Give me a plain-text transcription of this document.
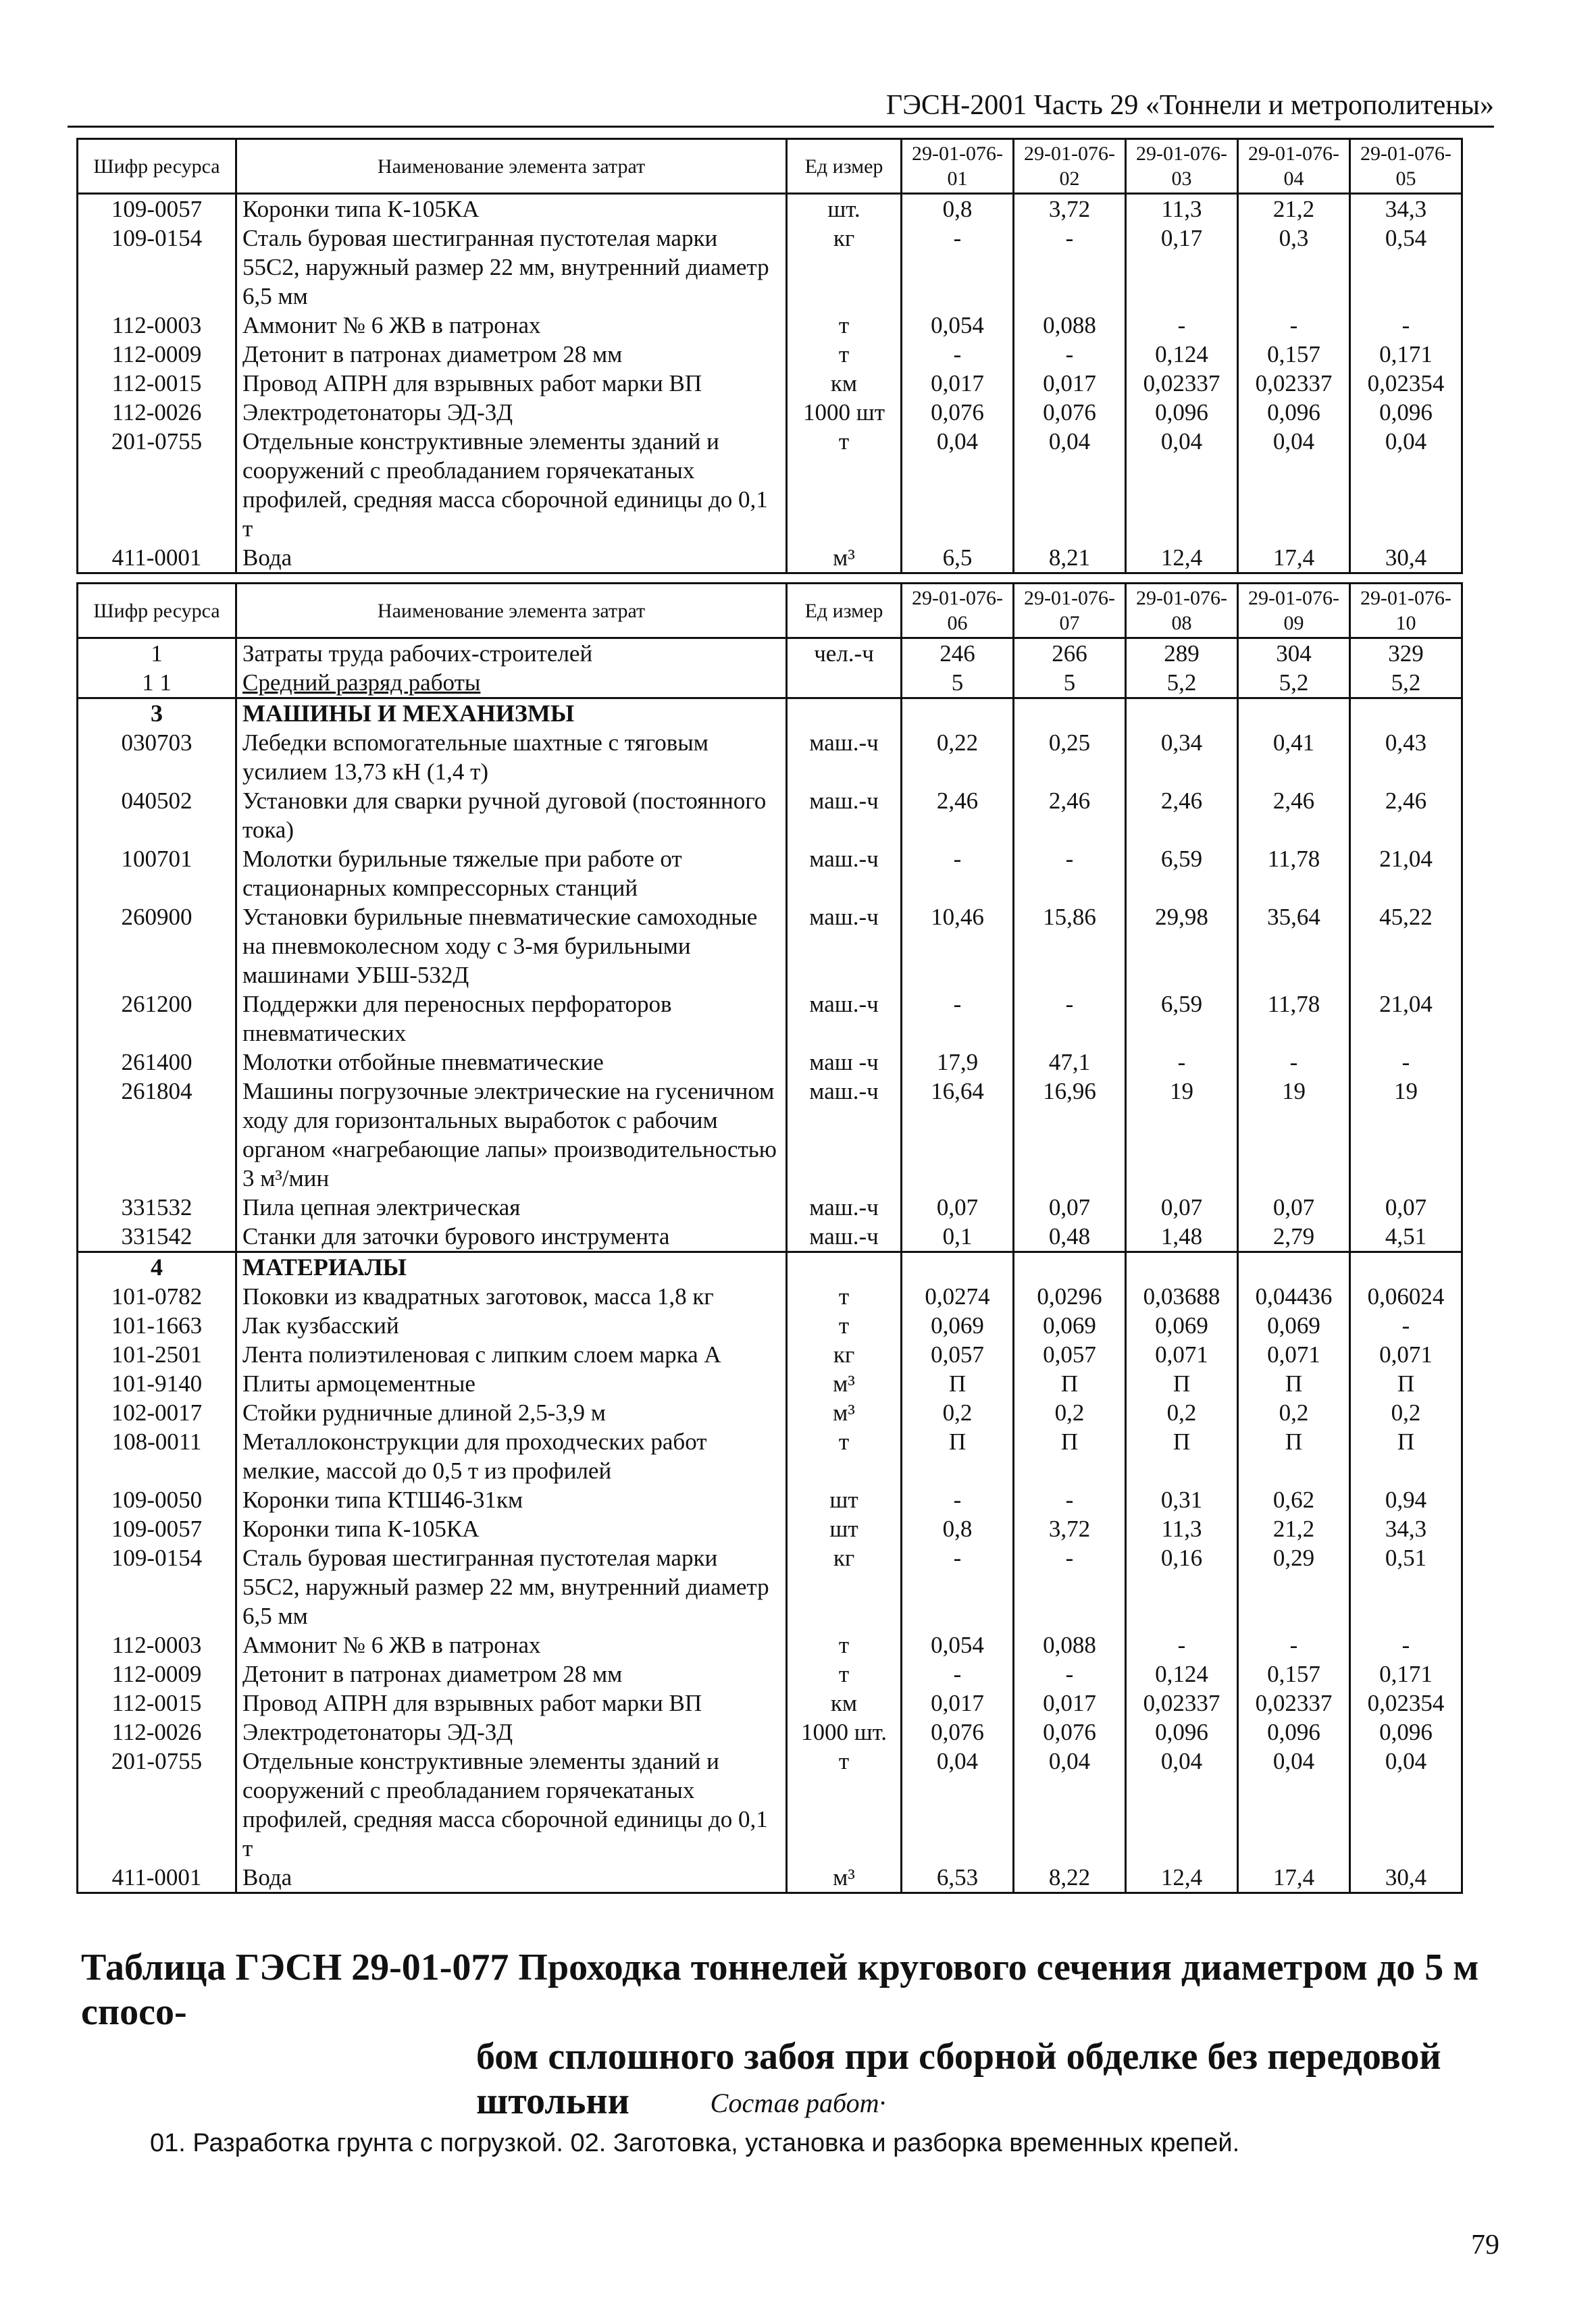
ГЭСН-2001 Часть 29 «Тоннели и метрополитены»
Шифр ресурса	Наименование элемента затрат	Ед измер	29-01-076-01	29-01-076-02	29-01-076-03	29-01-076-04	29-01-076-05
109-0057	Коронки типа К-105КА	шт.	0,8	3,72	11,3	21,2	34,3
109-0154	Сталь буровая шестигранная пустотелая марки 55С2, наружный размер 22 мм, внутренний диаметр 6,5 мм	кг	-	-	0,17	0,3	0,54
112-0003	Аммонит № 6 ЖВ в патронах	т	0,054	0,088	-	-	-
112-0009	Детонит в патронах диаметром 28 мм	т	-	-	0,124	0,157	0,171
112-0015	Провод АПРН для взрывных работ марки ВП	км	0,017	0,017	0,02337	0,02337	0,02354
112-0026	Электродетонаторы ЭД-3Д	1000 шт	0,076	0,076	0,096	0,096	0,096
201-0755	Отдельные конструктивные элементы зданий и сооружений с преобладанием горячекатаных профилей, средняя масса сборочной единицы до 0,1 т	т	0,04	0,04	0,04	0,04	0,04
411-0001	Вода	м³	6,5	8,21	12,4	17,4	30,4
Шифр ресурса	Наименование элемента затрат	Ед измер	29-01-076-06	29-01-076-07	29-01-076-08	29-01-076-09	29-01-076-10
1	Затраты труда рабочих-строителей	чел.-ч	246	266	289	304	329
1 1	Средний разряд работы		5	5	5,2	5,2	5,2
3	МАШИНЫ И МЕХАНИЗМЫ						
030703	Лебедки вспомогательные шахтные с тяговым усилием 13,73 кН (1,4 т)	маш.-ч	0,22	0,25	0,34	0,41	0,43
040502	Установки для сварки ручной дуговой (постоянного тока)	маш.-ч	2,46	2,46	2,46	2,46	2,46
100701	Молотки бурильные тяжелые при работе от стационарных компрессорных станций	маш.-ч	-	-	6,59	11,78	21,04
260900	Установки бурильные пневматические самоходные на пневмоколесном ходу с 3-мя бурильными машинами УБШ-532Д	маш.-ч	10,46	15,86	29,98	35,64	45,22
261200	Поддержки для переносных перфораторов пневматических	маш.-ч	-	-	6,59	11,78	21,04
261400	Молотки отбойные пневматические	маш -ч	17,9	47,1	-	-	-
261804	Машины погрузочные электрические на гусеничном ходу для горизонтальных выработок с рабочим органом «нагребающие лапы» производительностью 3 м³/мин	маш.-ч	16,64	16,96	19	19	19
331532	Пила цепная электрическая	маш.-ч	0,07	0,07	0,07	0,07	0,07
331542	Станки для заточки бурового инструмента	маш.-ч	0,1	0,48	1,48	2,79	4,51
4	МАТЕРИАЛЫ						
101-0782	Поковки из квадратных заготовок, масса 1,8 кг	т	0,0274	0,0296	0,03688	0,04436	0,06024
101-1663	Лак кузбасский	т	0,069	0,069	0,069	0,069	-
101-2501	Лента полиэтиленовая с липким слоем марка А	кг	0,057	0,057	0,071	0,071	0,071
101-9140	Плиты армоцементные	м³	П	П	П	П	П
102-0017	Стойки рудничные длиной 2,5-3,9 м	м³	0,2	0,2	0,2	0,2	0,2
108-0011	Металлоконструкции для проходческих работ мелкие, массой до 0,5 т из профилей	т	П	П	П	П	П
109-0050	Коронки типа КТШ46-31км	шт	-	-	0,31	0,62	0,94
109-0057	Коронки типа К-105КА	шт	0,8	3,72	11,3	21,2	34,3
109-0154	Сталь буровая шестигранная пустотелая марки 55С2, наружный размер 22 мм, внутренний диаметр 6,5 мм	кг	-	-	0,16	0,29	0,51
112-0003	Аммонит № 6 ЖВ в патронах	т	0,054	0,088	-	-	-
112-0009	Детонит в патронах диаметром 28 мм	т	-	-	0,124	0,157	0,171
112-0015	Провод АПРН для взрывных работ марки ВП	км	0,017	0,017	0,02337	0,02337	0,02354
112-0026	Электродетонаторы ЭД-3Д	1000 шт.	0,076	0,076	0,096	0,096	0,096
201-0755	Отдельные конструктивные элементы зданий и сооружений с преобладанием горячекатаных профилей, средняя масса сборочной единицы до 0,1 т	т	0,04	0,04	0,04	0,04	0,04
411-0001	Вода	м³	6,53	8,22	12,4	17,4	30,4
Таблица ГЭСН 29-01-077 Проходка тоннелей кругового сечения диаметром до 5 м спосо-
бом сплошного забоя при сборной обделке без передовой
штольни	Состав работ·
01. Разработка грунта с погрузкой. 02. Заготовка, установка и разборка временных крепей.
79
